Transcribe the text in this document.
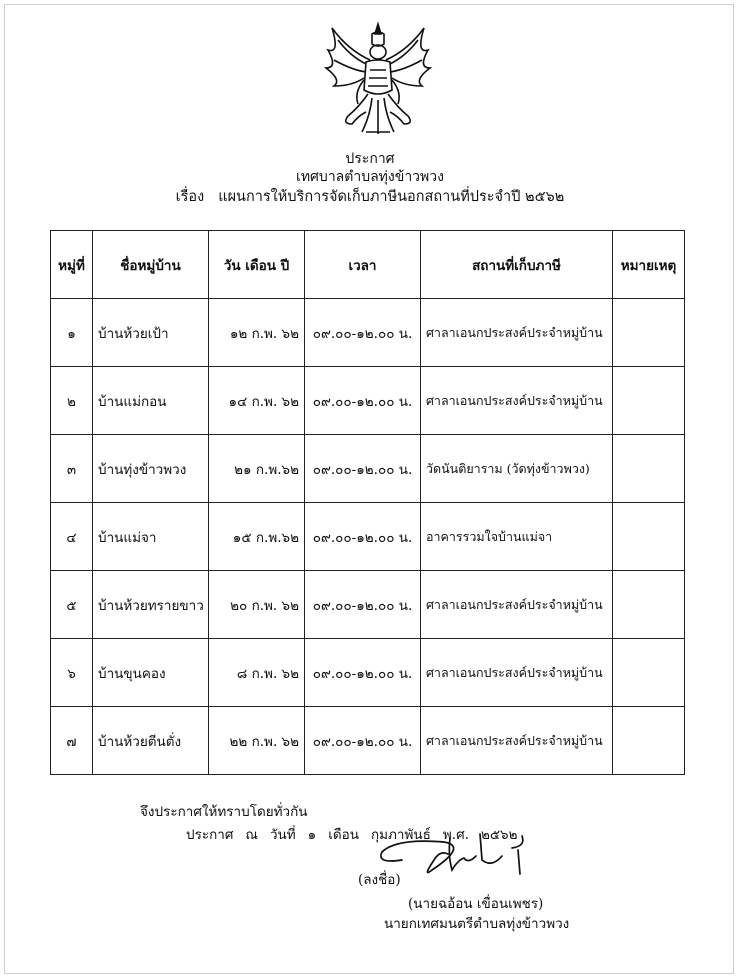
ประกาศ
เทศบาลตำบลทุ่งข้าวพวง
เรื่อง แผนการให้บริการจัดเก็บภาษีนอกสถานที่ประจำปี ๒๕๖๒
หมู่ที่	ชื่อหมู่บ้าน	วัน เดือน ปี	เวลา	สถานที่เก็บภาษี	หมายเหตุ
๑	บ้านห้วยเป้า	๑๒ ก.พ. ๖๒	๐๙.๐๐-๑๒.๐๐ น.	ศาลาเอนกประสงค์ประจำหมู่บ้าน	
๒	บ้านแม่กอน	๑๔ ก.พ. ๖๒	๐๙.๐๐-๑๒.๐๐ น.	ศาลาเอนกประสงค์ประจำหมู่บ้าน	
๓	บ้านทุ่งข้าวพวง	๒๑ ก.พ.๖๒	๐๙.๐๐-๑๒.๐๐ น.	วัดนันติยาราม (วัดทุ่งข้าวพวง)	
๔	บ้านแม่จา	๑๕ ก.พ.๖๒	๐๙.๐๐-๑๒.๐๐ น.	อาคารรวมใจบ้านแม่จา	
๕	บ้านห้วยทรายขาว	๒๐ ก.พ. ๖๒	๐๙.๐๐-๑๒.๐๐ น.	ศาลาเอนกประสงค์ประจำหมู่บ้าน	
๖	บ้านขุนคอง	๘ ก.พ. ๖๒	๐๙.๐๐-๑๒.๐๐ น.	ศาลาเอนกประสงค์ประจำหมู่บ้าน	
๗	บ้านห้วยตีนตั่ง	๒๒ ก.พ. ๖๒	๐๙.๐๐-๑๒.๐๐ น.	ศาลาเอนกประสงค์ประจำหมู่บ้าน	
จึงประกาศให้ทราบโดยทั่วกัน
ประกาศ ณ วันที่ ๑ เดือน กุมภาพันธ์ พ.ศ. ๒๕๖๒
(ลงชื่อ)
(นายฉอ้อน เขื่อนเพชร)
นายกเทศมนตรีตำบลทุ่งข้าวพวง
